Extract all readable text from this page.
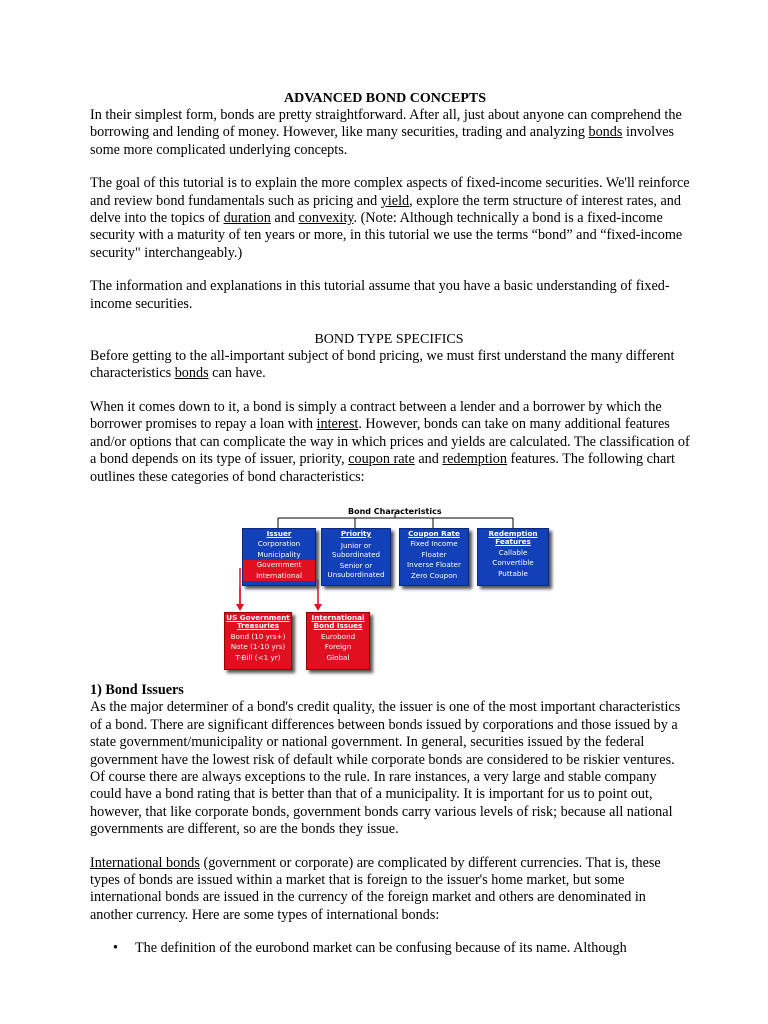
ADVANCED BOND CONCEPTS

In their simplest form, bonds are pretty straightforward. After all, just about anyone can comprehend the borrowing and lending of money. However, like many securities, trading and analyzing bonds involves some more complicated underlying concepts.

The goal of this tutorial is to explain the more complex aspects of fixed-income securities. We'll reinforce and review bond fundamentals such as pricing and yield, explore the term structure of interest rates, and delve into the topics of duration and convexity. (Note: Although technically a bond is a fixed-income security with a maturity of ten years or more, in this tutorial we use the terms “bond” and “fixed-income security" interchangeably.)

The information and explanations in this tutorial assume that you have a basic understanding of fixed-income securities.

BOND TYPE SPECIFICS

Before getting to the all-important subject of bond pricing, we must first understand the many different characteristics bonds can have.

When it comes down to it, a bond is simply a contract between a lender and a borrower by which the borrower promises to repay a loan with interest. However, bonds can take on many additional features and/or options that can complicate the way in which prices and yields are calculated. The classification of a bond depends on its type of issuer, priority, coupon rate and redemption features. The following chart outlines these categories of bond characteristics:

Bond Characteristics
Issuer
Corporation
Municipality
Government
International
Priority
Junior or Subordinated
Senior or Unsubordinated
Coupon Rate
Fixed Income
Floater
Inverse Floater
Zero Coupon
Redemption Features
Callable
Convertible
Puttable
US Government Treasuries
Bond (10 yrs+)
Note (1-10 yrs)
T-Bill (<1 yr)
International Bond Issues
Eurobond
Foreign
Global

1) Bond Issuers

As the major determiner of a bond's credit quality, the issuer is one of the most important characteristics of a bond. There are significant differences between bonds issued by corporations and those issued by a state government/municipality or national government. In general, securities issued by the federal government have the lowest risk of default while corporate bonds are considered to be riskier ventures. Of course there are always exceptions to the rule. In rare instances, a very large and stable company could have a bond rating that is better than that of a municipality. It is important for us to point out, however, that like corporate bonds, government bonds carry various levels of risk; because all national governments are different, so are the bonds they issue.

International bonds (government or corporate) are complicated by different currencies. That is, these types of bonds are issued within a market that is foreign to the issuer's home market, but some international bonds are issued in the currency of the foreign market and others are denominated in another currency. Here are some types of international bonds:

• The definition of the eurobond market can be confusing because of its name. Although
